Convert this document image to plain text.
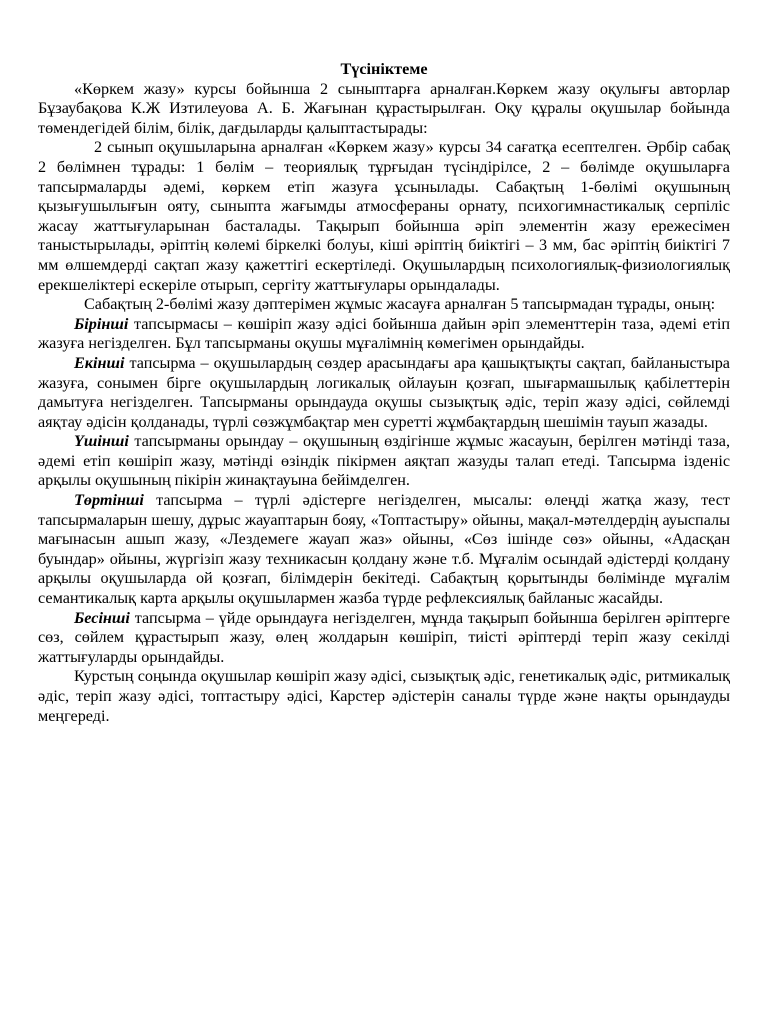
Түсініктеме

«Көркем жазу» курсы бойынша 2 сыныптарға арналған.Көркем жазу оқулығы авторлар Бұзаубақова К.Ж Изтилеуова А. Б. Жағынан құрастырылған. Оқу құралы оқушылар бойында төмендегідей білім, білік, дағдыларды қалыптастырады:

2 сынып оқушыларына арналған «Көркем жазу» курсы 34 сағатқа есептелген. Әрбір сабақ 2 бөлімнен тұрады: 1 бөлім – теориялық тұрғыдан түсіндірілсе, 2 – бөлімде оқушыларға тапсырмаларды әдемі, көркем етіп жазуға ұсынылады. Сабақтың 1-бөлімі оқушының қызығушылығын ояту, сыныпта жағымды атмосфераны орнату, психогимнастикалық серпіліс жасау жаттығуларынан басталады. Тақырып бойынша әріп элементін жазу ережесімен таныстырылады, әріптің көлемі біркелкі болуы, кіші әріптің биіктігі – 3 мм, бас әріптің биіктігі 7 мм өлшемдерді сақтап жазу қажеттігі ескертіледі. Оқушылардың психологиялық-физиологиялық ерекшеліктері ескеріле отырып, сергіту жаттығулары орындалады.

Сабақтың 2-бөлімі жазу дәптерімен жұмыс жасауға арналған 5 тапсырмадан тұрады, оның:

Бірінші тапсырмасы – көшіріп жазу әдісі бойынша дайын әріп элементтерін таза, әдемі етіп жазуға негізделген. Бұл тапсырманы оқушы мұғалімнің көмегімен орындайды.

Екінші тапсырма – оқушылардың сөздер арасындағы ара қашықтықты сақтап, байланыстыра жазуға, сонымен бірге оқушылардың логикалық ойлауын қозғап, шығармашылық қабілеттерін дамытуға негізделген. Тапсырманы орындауда оқушы сызықтық әдіс, теріп жазу әдісі, сөйлемді аяқтау әдісін қолданады, түрлі сөзжұмбақтар мен суретті жұмбақтардың шешімін тауып жазады.

Үшінші тапсырманы орындау – оқушының өздігінше жұмыс жасауын, берілген мәтінді таза, әдемі етіп көшіріп жазу, мәтінді өзіндік пікірмен аяқтап жазуды талап етеді. Тапсырма ізденіс арқылы оқушының пікірін жинақтауына бейімделген.

Төртінші тапсырма – түрлі әдістерге негізделген, мысалы: өлеңді жатқа жазу, тест тапсырмаларын шешу, дұрыс жауаптарын бояу, «Топтастыру» ойыны, мақал-мәтелдердің ауыспалы мағынасын ашып жазу, «Лездемеге жауап жаз» ойыны, «Сөз ішінде сөз» ойыны, «Адасқан буындар» ойыны, жүргізіп жазу техникасын қолдану және т.б. Мұғалім осындай әдістерді қолдану арқылы оқушыларда ой қозғап, білімдерін бекітеді. Сабақтың қорытынды бөлімінде мұғалім семантикалық карта арқылы оқушылармен жазба түрде рефлексиялық байланыс жасайды.

Бесінші тапсырма – үйде орындауға негізделген, мұнда тақырып бойынша берілген әріптерге сөз, сөйлем құрастырып жазу, өлең жолдарын көшіріп, тиісті әріптерді теріп жазу секілді жаттығуларды орындайды.

Курстың соңында оқушылар көшіріп жазу әдісі, сызықтық әдіс, генетикалық әдіс, ритмикалық әдіс, теріп жазу әдісі, топтастыру әдісі, Карстер әдістерін саналы түрде және нақты орындауды меңгереді.
